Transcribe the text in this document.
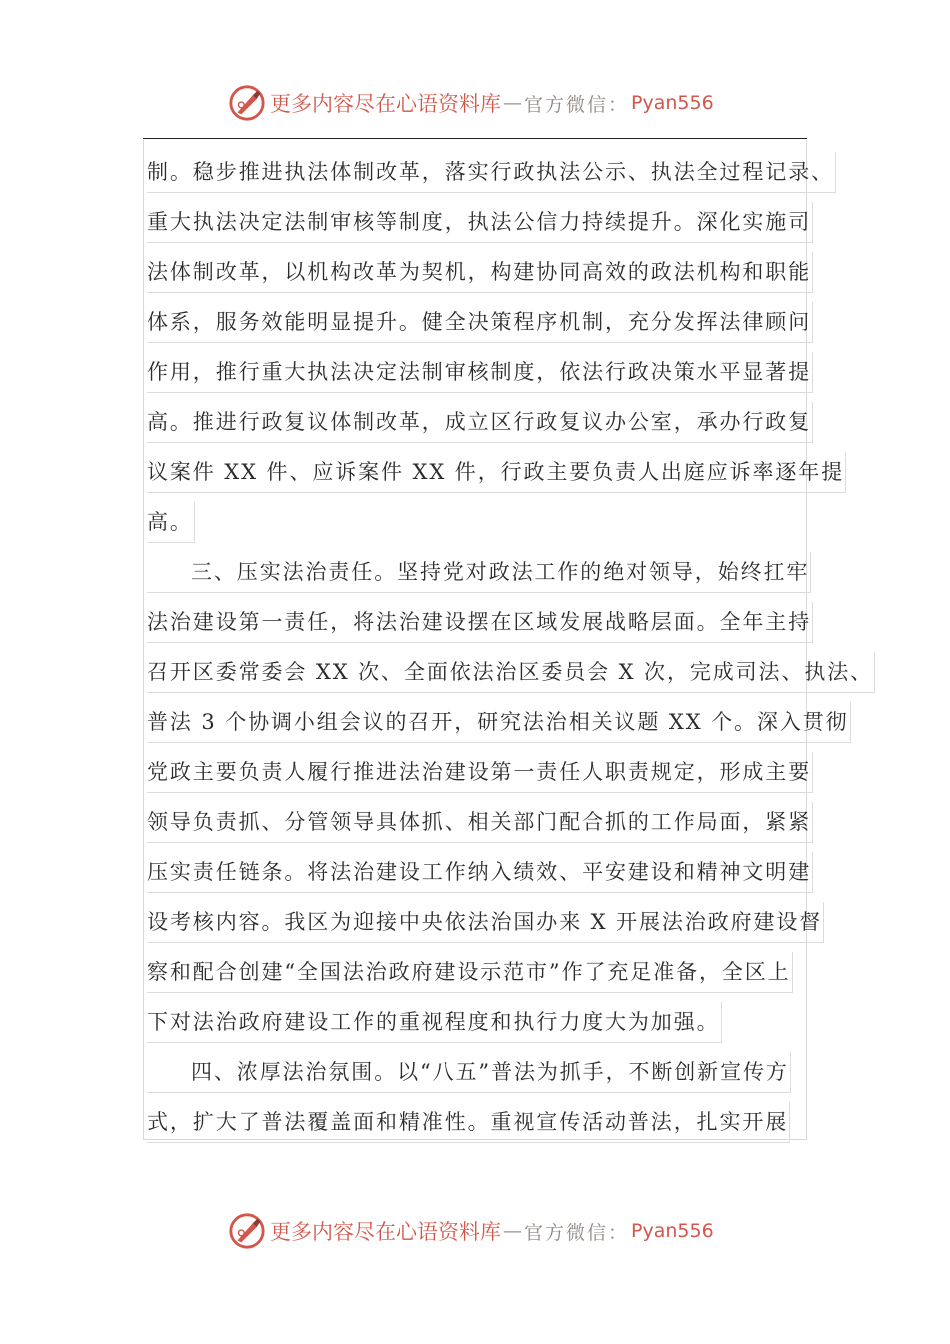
更多内容尽在心语资料库 — 官方微信： Pyan556
制。稳步推进执法体制改革，落实行政执法公示、执法全过程记录、
重大执法决定法制审核等制度，执法公信力持续提升。深化实施司
法体制改革，以机构改革为契机，构建协同高效的政法机构和职能
体系，服务效能明显提升。健全决策程序机制，充分发挥法律顾问
作用，推行重大执法决定法制审核制度，依法行政决策水平显著提
高。推进行政复议体制改革，成立区行政复议办公室，承办行政复
议案件 XX 件、应诉案件 XX 件，行政主要负责人出庭应诉率逐年提
高。
三、压实法治责任。坚持党对政法工作的绝对领导，始终扛牢
法治建设第一责任，将法治建设摆在区域发展战略层面。全年主持
召开区委常委会 XX 次、全面依法治区委员会 X 次，完成司法、执法、
普法 3 个协调小组会议的召开，研究法治相关议题 XX 个。深入贯彻
党政主要负责人履行推进法治建设第一责任人职责规定，形成主要
领导负责抓、分管领导具体抓、相关部门配合抓的工作局面，紧紧
压实责任链条。将法治建设工作纳入绩效、平安建设和精神文明建
设考核内容。我区为迎接中央依法治国办来 X 开展法治政府建设督
察和配合创建“全国法治政府建设示范市”作了充足准备，全区上
下对法治政府建设工作的重视程度和执行力度大为加强。
四、浓厚法治氛围。以“八五”普法为抓手，不断创新宣传方
式，扩大了普法覆盖面和精准性。重视宣传活动普法，扎实开展
更多内容尽在心语资料库 — 官方微信： Pyan556
